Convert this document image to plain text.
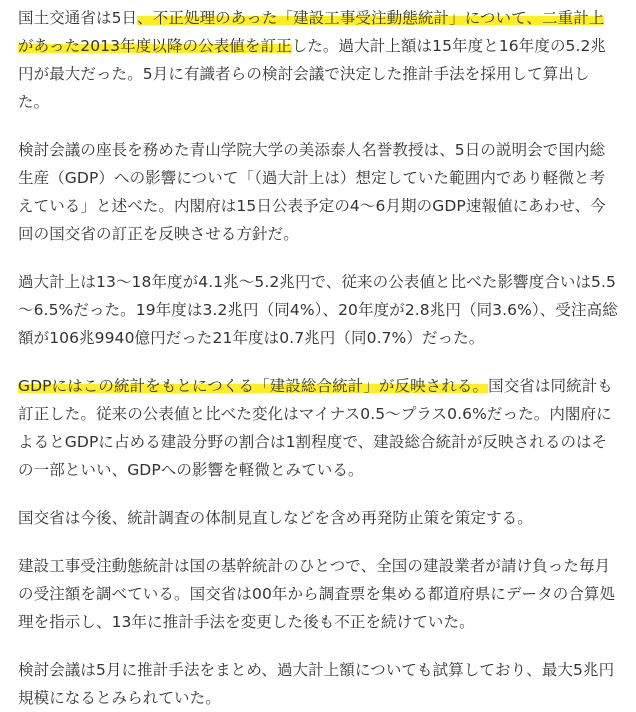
国土交通省は5日、不正処理のあった「建設工事受注動態統計」について、二重計上があった2013年度以降の公表値を訂正した。過大計上額は15年度と16年度の5.2兆円が最大だった。5月に有識者らの検討会議で決定した推計手法を採用して算出した。

検討会議の座長を務めた青山学院大学の美添泰人名誉教授は、5日の説明会で国内総生産（GDP）への影響について「（過大計上は）想定していた範囲内であり軽微と考えている」と述べた。内閣府は15日公表予定の4～6月期のGDP速報値にあわせ、今回の国交省の訂正を反映させる方針だ。

過大計上は13～18年度が4.1兆～5.2兆円で、従来の公表値と比べた影響度合いは5.5～6.5%だった。19年度は3.2兆円（同4%）、20年度が2.8兆円（同3.6%）、受注高総額が106兆9940億円だった21年度は0.7兆円（同0.7%）だった。

GDPにはこの統計をもとにつくる「建設総合統計」が反映される。国交省は同統計も訂正した。従来の公表値と比べた変化はマイナス0.5～プラス0.6%だった。内閣府によるとGDPに占める建設分野の割合は1割程度で、建設総合統計が反映されるのはその一部といい、GDPへの影響を軽微とみている。

国交省は今後、統計調査の体制見直しなどを含め再発防止策を策定する。

建設工事受注動態統計は国の基幹統計のひとつで、全国の建設業者が請け負った毎月の受注額を調べている。国交省は00年から調査票を集める都道府県にデータの合算処理を指示し、13年に推計手法を変更した後も不正を続けていた。

検討会議は5月に推計手法をまとめ、過大計上額についても試算しており、最大5兆円規模になるとみられていた。
